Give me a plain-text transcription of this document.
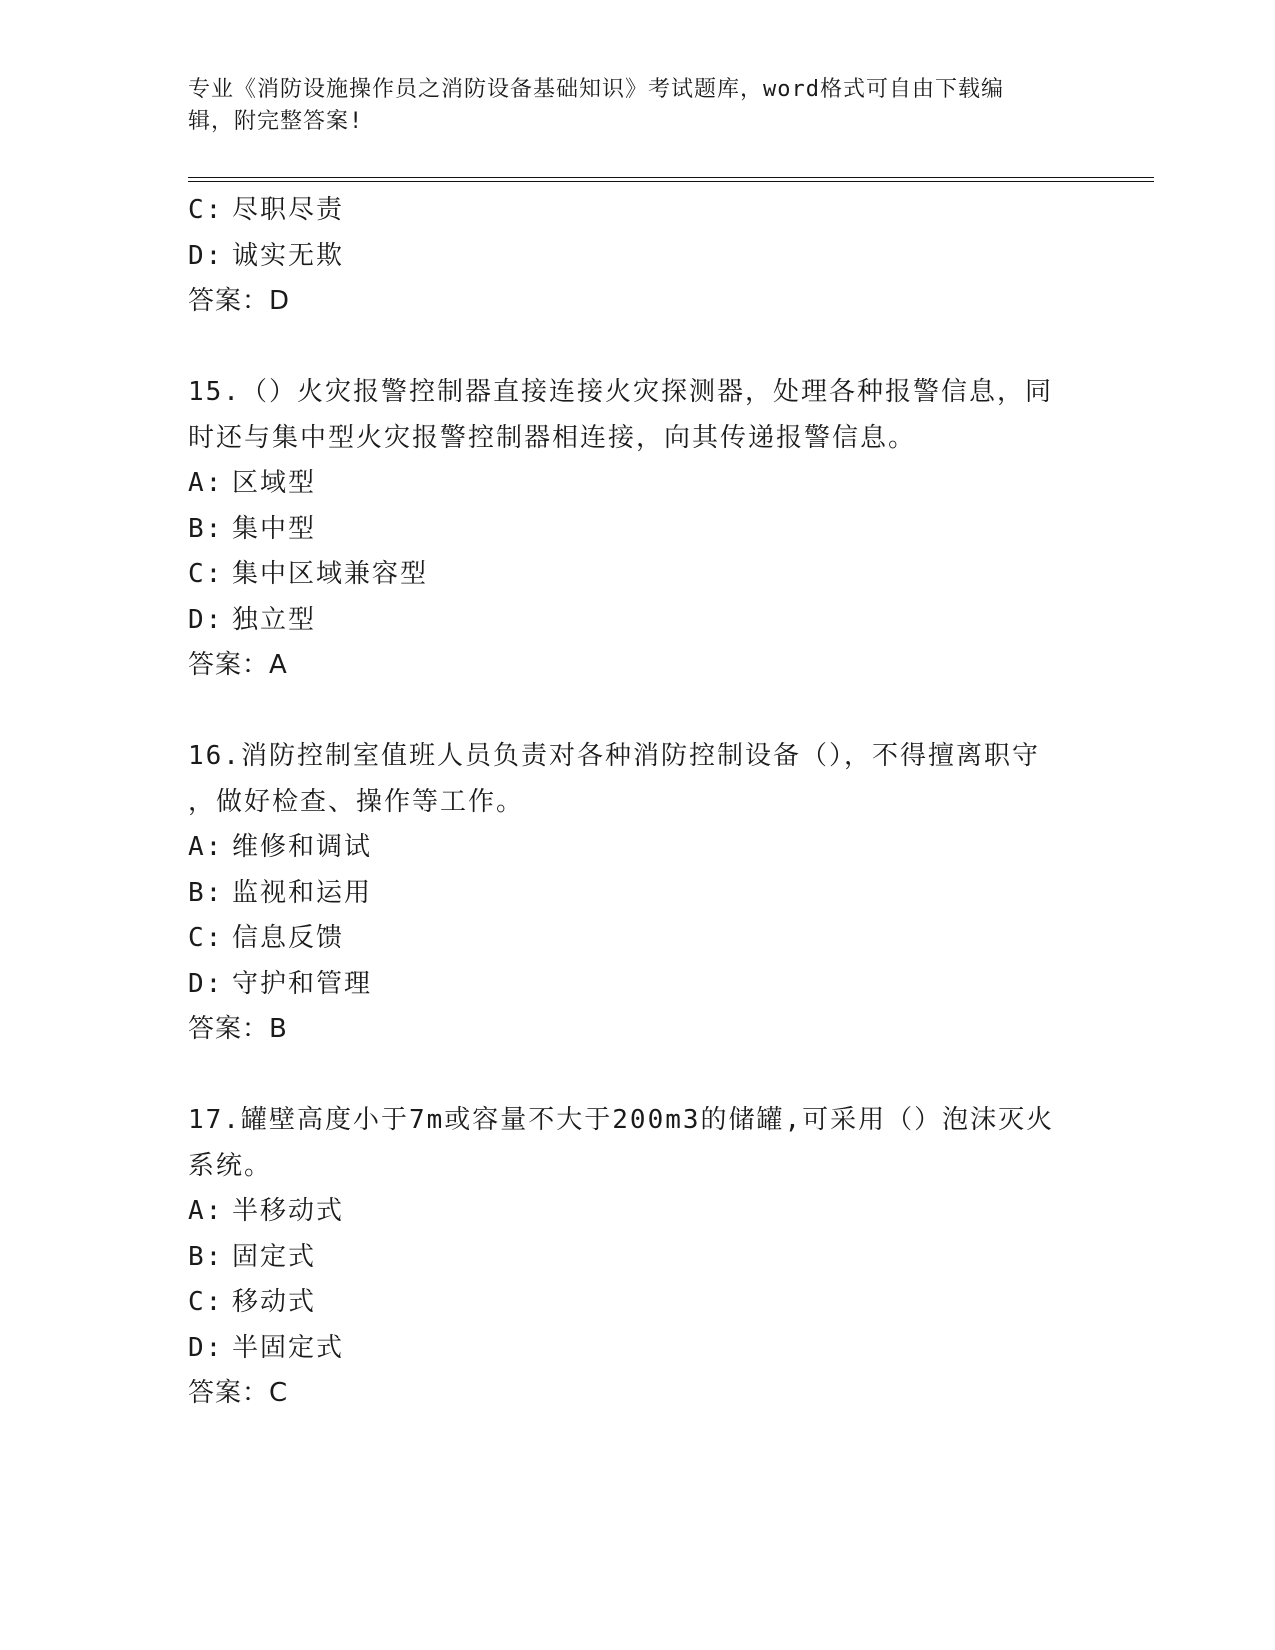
专业《消防设施操作员之消防设备基础知识》考试题库，word格式可自由下载编
辑，附完整答案!
C: 尽职尽责
D: 诚实无欺
答案：D
15.（）火灾报警控制器直接连接火灾探测器，处理各种报警信息，同
时还与集中型火灾报警控制器相连接，向其传递报警信息。
A: 区域型
B: 集中型
C: 集中区域兼容型
D: 独立型
答案：A
16.消防控制室值班人员负责对各种消防控制设备（），不得擅离职守
，做好检查、操作等工作。
A: 维修和调试
B: 监视和运用
C: 信息反馈
D: 守护和管理
答案：B
17.罐壁高度小于7m或容量不大于200m3的储罐,可采用（）泡沫灭火
系统。
A: 半移动式
B: 固定式
C: 移动式
D: 半固定式
答案：C
